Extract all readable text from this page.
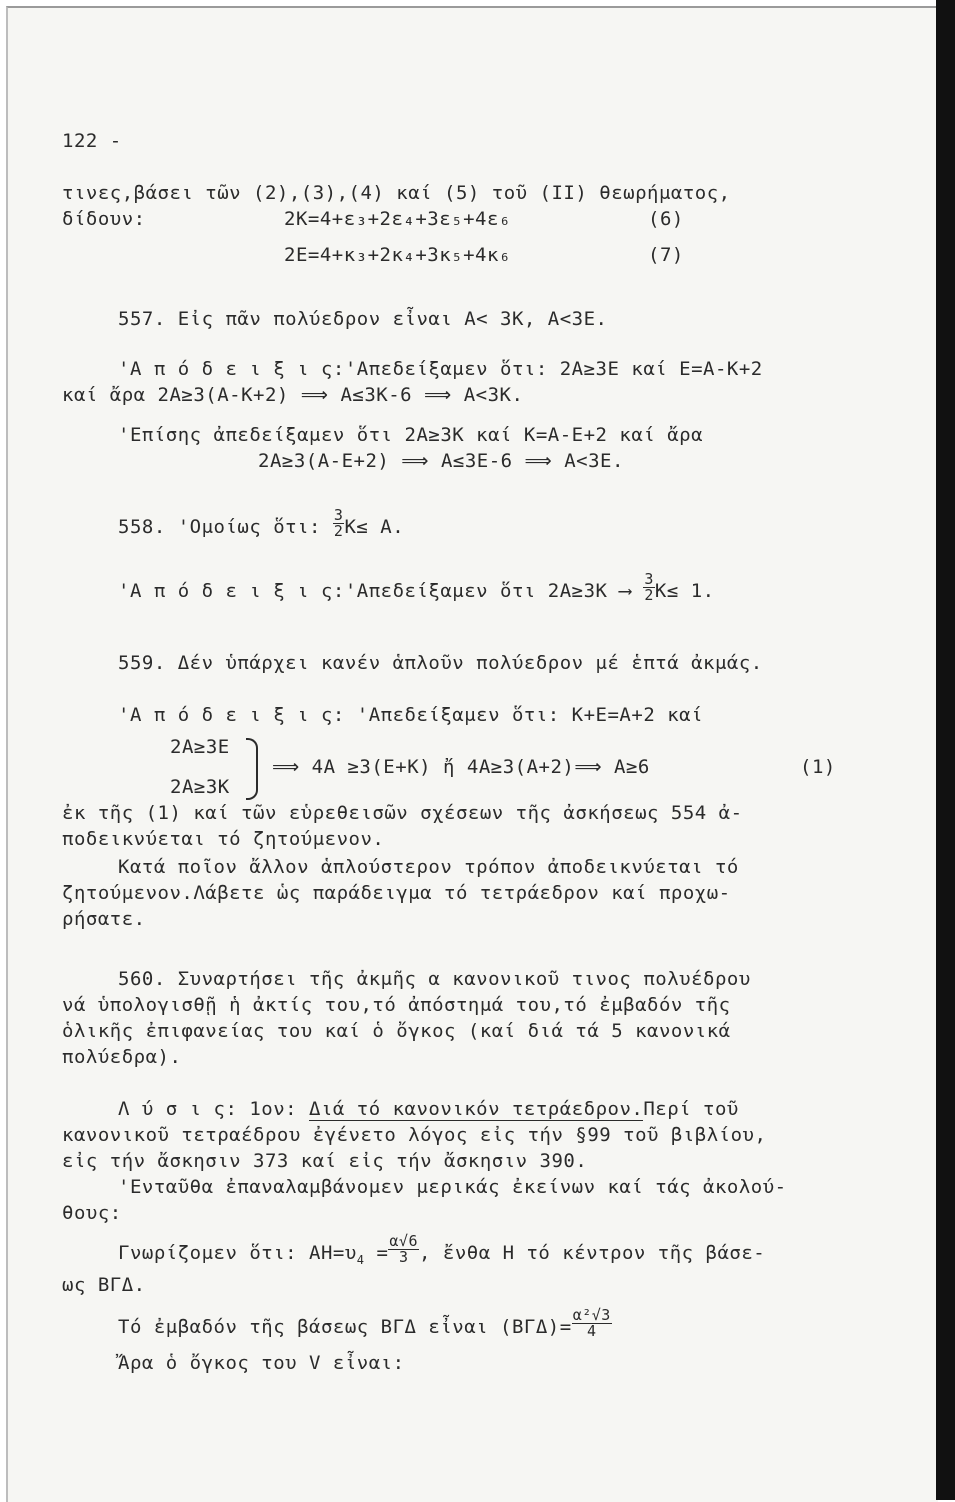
122 -
τινες,βάσει τῶν (2),(3),(4) καί (5) τοῦ (II) θεωρήματος,
δίδουν:	2K=4+ε₃+2ε₄+3ε₅+4ε₆	(6)
2E=4+κ₃+2κ₄+3κ₅+4κ₆	(7)
557. Εἰς πᾶν πολύεδρον εἶναι A< 3K, A<3E.
'Α π ό δ ε ι ξ ι ς:'Απεδείξαμεν ὅτι: 2A≥3E καί E=A-K+2
καί ἄρα 2A≥3(A-K+2) ⟹ A≤3K-6 ⟹ A<3K.
'Επίσης ἀπεδείξαμεν ὅτι 2A≥3K καί K=A-E+2 καί ἄρα
2A≥3(A-E+2) ⟹ A≤3E-6 ⟹ A<3E.
558. 'Ομοίως ὅτι: $\frac{3}{2} K\le A$.
'Α π ό δ ε ι ξ ι ς:'Απεδείξαμεν ὅτι 2A≥3K ⟶ $\frac{3}{2} K\le 1$.
559. Δέν ὑπάρχει κανέν ἁπλοῦν πολύεδρον μέ ἑπτά ἀκμάς.
'Α π ό δ ε ι ξ ι ς: 'Απεδείξαμεν ὅτι: K+E=A+2 καί
2A≥3E
⟹ 4A ≥3(E+K) ἤ 4A≥3(A+2)⟹ A≥6	(1)
2A≥3K
ἐκ τῆς (1) καί τῶν εὑρεθεισῶν σχέσεων τῆς ἀσκήσεως 554 ἀ-
ποδεικνύεται τό ζητούμενον.
Κατά ποῖον ἄλλον ἁπλούστερον τρόπον ἀποδεικνύεται τό
ζητούμενον.Λάβετε ὡς παράδειγμα τό τετράεδρον καί προχω-
ρήσατε.
560. Συναρτήσει τῆς ἀκμῆς α κανονικοῦ τινος πολυέδρου
νά ὑπολογισθῇ ἡ ἀκτίς του,τό ἀπόστημά του,τό ἐμβαδόν τῆς
ὁλικῆς ἐπιφανείας του καί ὁ ὄγκος (καί διά τά 5 κανονικά
πολύεδρα).
Λ ύ σ ι ς: 1ον: Διά τό κανονικόν τετράεδρον.Περί τοῦ
κανονικοῦ τετραέδρου ἐγένετο λόγος εἰς τήν §99 τοῦ βιβλίου,
εἰς τήν ἄσκησιν 373 καί εἰς τήν ἄσκησιν 390.
'Ενταῦθα ἐπαναλαμβάνομεν μερικάς ἐκείνων καί τάς ἀκολού-
θους:
Γνωρίζομεν ὅτι: $AH=\upsilon_4 = \frac{\alpha√6}{3}$ , ἔνθα H τό κέντρον τῆς βάσε-
ως ΒΓΔ.
Τό ἐμβαδόν τῆς βάσεως ΒΓΔ εἶναι $(B\Gamma\Delta)= \frac{\text{α²√3}}{4}$
Ἄρα ὁ ὄγκος του V εἶναι:
